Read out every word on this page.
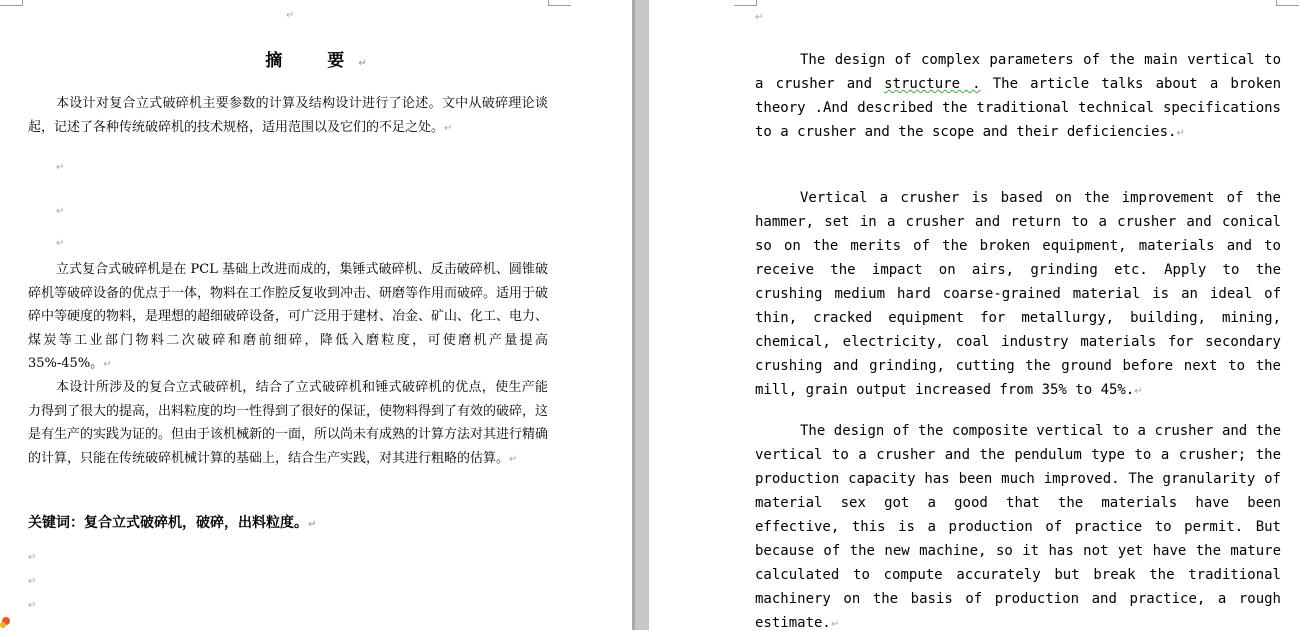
↵
摘　要↵

本设计对复合立式破碎机主要参数的计算及结构设计进行了论述。文中从破碎理论谈起，记述了各种传统破碎机的技术规格，适用范围以及它们的不足之处。↵

↵
↵
↵

立式复合式破碎机是在 PCL 基础上改进而成的，集锤式破碎机、反击破碎机、圆锥破碎机等破碎设备的优点于一体，物料在工作腔反复收到冲击、研磨等作用而破碎。适用于破碎中等硬度的物料，是理想的超细破碎设备，可广泛用于建材、冶金、矿山、化工、电力、煤炭等工业部门物料二次破碎和磨前细碎，降低入磨粒度，可使磨机产量提高 35%-45%。↵

本设计所涉及的复合立式破碎机，结合了立式破碎机和锤式破碎机的优点，使生产能力得到了很大的提高，出料粒度的均一性得到了很好的保证，使物料得到了有效的破碎，这是有生产的实践为证的。但由于该机械新的一面，所以尚未有成熟的计算方法对其进行精确的计算，只能在传统破碎机械计算的基础上，结合生产实践，对其进行粗略的估算。↵

关键词：复合立式破碎机，破碎，出料粒度。↵
↵
↵
↵
↵

The design of complex parameters of the main vertical to a crusher and structure . The article talks about a broken theory .And described the traditional technical specifications to a crusher and the scope and their deficiencies.↵

Vertical a crusher is based on the improvement of the hammer, set in a crusher and return to a crusher and conical so on the merits of the broken equipment, materials and to receive the impact on airs, grinding etc. Apply to the crushing medium hard coarse-grained material is an ideal of thin, cracked equipment for metallurgy, building, mining, chemical, electricity, coal industry materials for secondary crushing and grinding, cutting the ground before next to the mill, grain output increased from 35% to 45%.↵

The design of the composite vertical to a crusher and the vertical to a crusher and the pendulum type to a crusher; the production capacity has been much improved. The granularity of material sex got a good that the materials have been effective, this is a production of practice to permit. But because of the new machine, so it has not yet have the mature calculated to compute accurately but break the traditional machinery on the basis of production and practice, a rough estimate.↵
